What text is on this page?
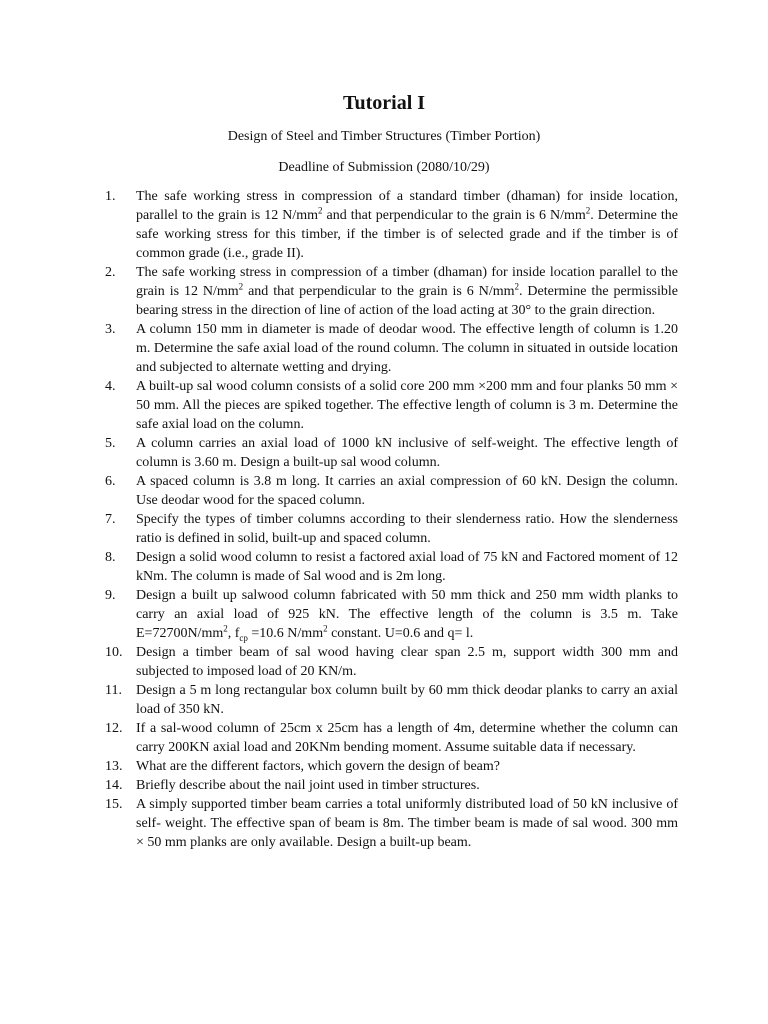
Tutorial I
Design of Steel and Timber Structures (Timber Portion)
Deadline of Submission (2080/10/29)
1.	The safe working stress in compression of a standard timber (dhaman) for inside location, parallel to the grain is 12 $N/mm^2$ and that perpendicular to the grain is 6 $N/mm^2$. Determine the safe working stress for this timber, if the timber is of selected grade and if the timber is of common grade (i.e., grade II).
2.	The safe working stress in compression of a timber (dhaman) for inside location parallel to the grain is 12 $N/mm^2$ and that perpendicular to the grain is 6 $N/mm^2$. Determine the permissible bearing stress in the direction of line of action of the load acting at 30° to the grain direction.
3.	A column 150 mm in diameter is made of deodar wood. The effective length of column is 1.20 m. Determine the safe axial load of the round column. The column in situated in outside location and subjected to alternate wetting and drying.
4.	A built-up sal wood column consists of a solid core 200 mm ×200 mm and four planks 50 mm × 50 mm. All the pieces are spiked together. The effective length of column is 3 m. Determine the safe axial load on the column.
5.	A column carries an axial load of 1000 kN inclusive of self-weight. The effective length of column is 3.60 m. Design a built-up sal wood column.
6.	A spaced column is 3.8 m long. It carries an axial compression of 60 kN. Design the column. Use deodar wood for the spaced column.
7.	Specify the types of timber columns according to their slenderness ratio. How the slenderness ratio is defined in solid, built-up and spaced column.
8.	Design a solid wood column to resist a factored axial load of 75 kN and Factored moment of 12 kNm. The column is made of Sal wood and is 2m long.
9.	Design a built up salwood column fabricated with 50 mm thick and 250 mm width planks to carry an axial load of 925 kN. The effective length of the column is 3.5 m. Take $E=72700N/mm^2$, $f_{cp} =10.6$ $N/mm^2$ constant. U=0.6 and q= l.
10. Design a timber beam of sal wood having clear span 2.5 m, support width 300 mm and subjected to imposed load of 20 KN/m.
11.	Design a 5 m long rectangular box column built by 60 mm thick deodar planks to carry an axial load of 350 kN.
12. If a sal-wood column of 25cm x 25cm has a length of 4m, determine whether the column can carry 200KN axial load and 20KNm bending moment. Assume suitable data if necessary.
13. What are the different factors, which govern the design of beam?
14. Briefly describe about the nail joint used in timber structures.
15. A simply supported timber beam carries a total uniformly distributed load of 50 kN inclusive of self- weight. The effective span of beam is 8m. The timber beam is made of sal wood. 300 mm × 50 mm planks are only available. Design a built-up beam.
